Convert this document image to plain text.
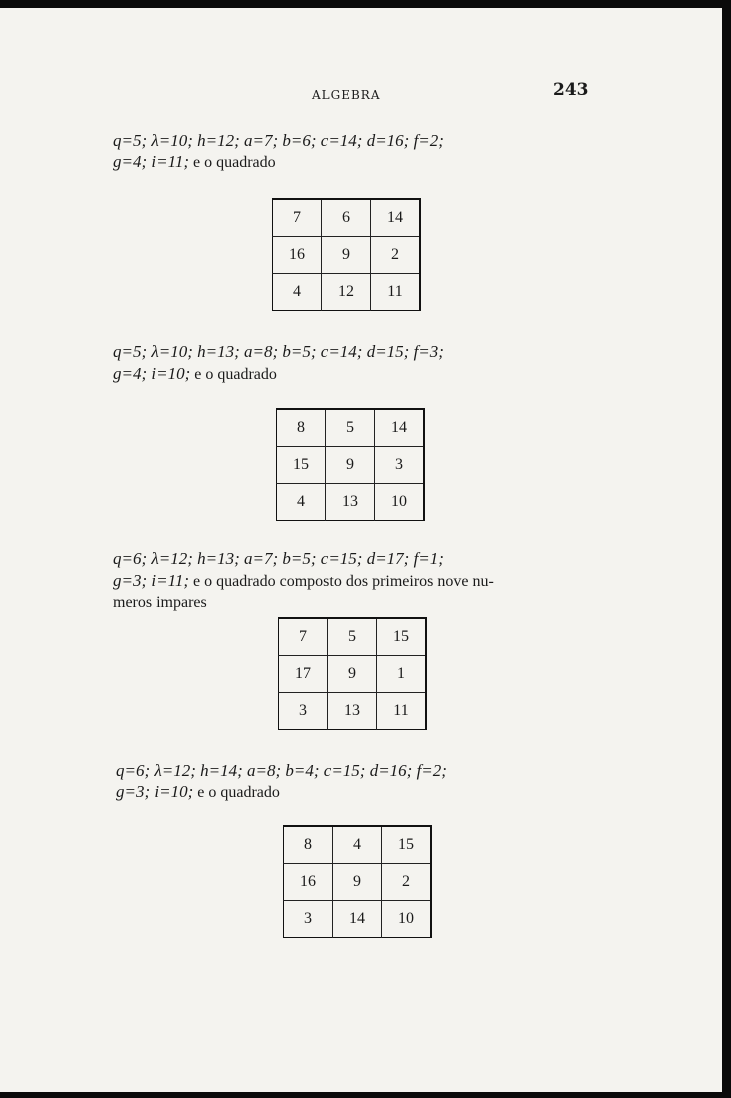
ALGEBRA	243
q=5; λ=10; h=12; a=7; b=6; c=14; d=16; f=2;
g=4; i=11; e o quadrado
7	6	14
16	9	2
4	12	11
q=5; λ=10; h=13; a=8; b=5; c=14; d=15; f=3;
g=4; i=10; e o quadrado
8	5	14
15	9	3
4	13	10
q=6; λ=12; h=13; a=7; b=5; c=15; d=17; f=1;
g=3; i=11; e o quadrado composto dos primeiros nove nu-
meros impares
7	5	15
17	9	1
3	13	11
q=6; λ=12; h=14; a=8; b=4; c=15; d=16; f=2;
g=3; i=10; e o quadrado
8	4	15
16	9	2
3	14	10
